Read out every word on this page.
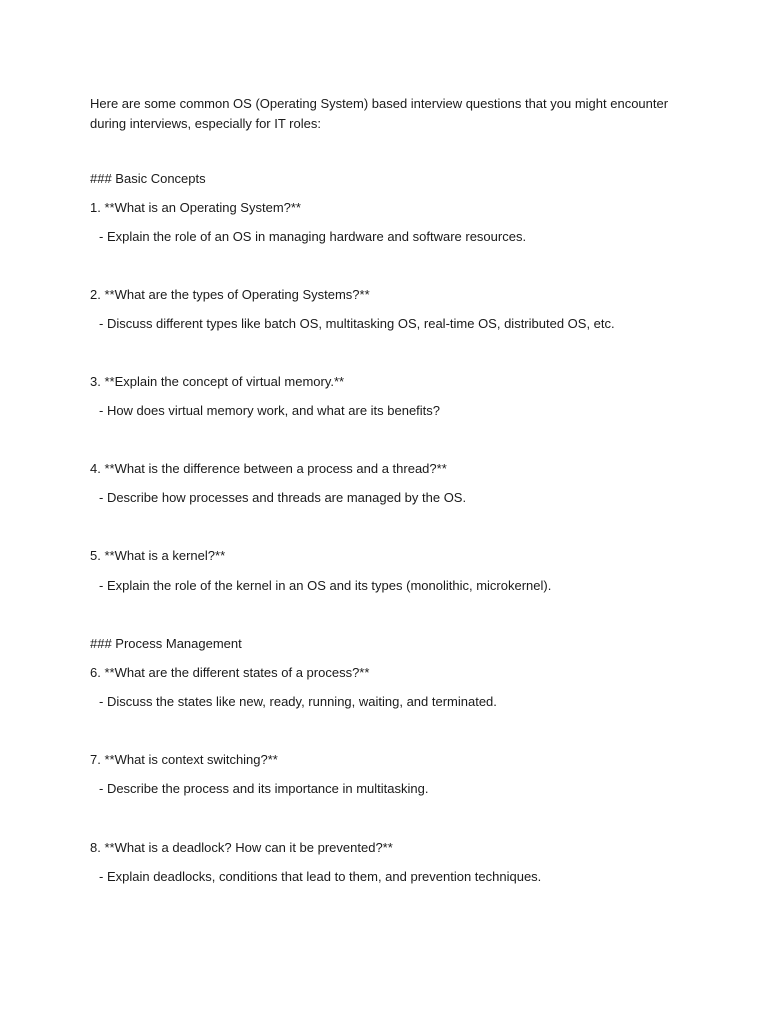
Here are some common OS (Operating System) based interview questions that you might encounter during interviews, especially for IT roles:

### Basic Concepts

1. **What is an Operating System?**

- Explain the role of an OS in managing hardware and software resources.

2. **What are the types of Operating Systems?**

- Discuss different types like batch OS, multitasking OS, real-time OS, distributed OS, etc.

3. **Explain the concept of virtual memory.**

- How does virtual memory work, and what are its benefits?

4. **What is the difference between a process and a thread?**

- Describe how processes and threads are managed by the OS.

5. **What is a kernel?**

- Explain the role of the kernel in an OS and its types (monolithic, microkernel).

### Process Management

6. **What are the different states of a process?**

- Discuss the states like new, ready, running, waiting, and terminated.

7. **What is context switching?**

- Describe the process and its importance in multitasking.

8. **What is a deadlock? How can it be prevented?**

- Explain deadlocks, conditions that lead to them, and prevention techniques.
